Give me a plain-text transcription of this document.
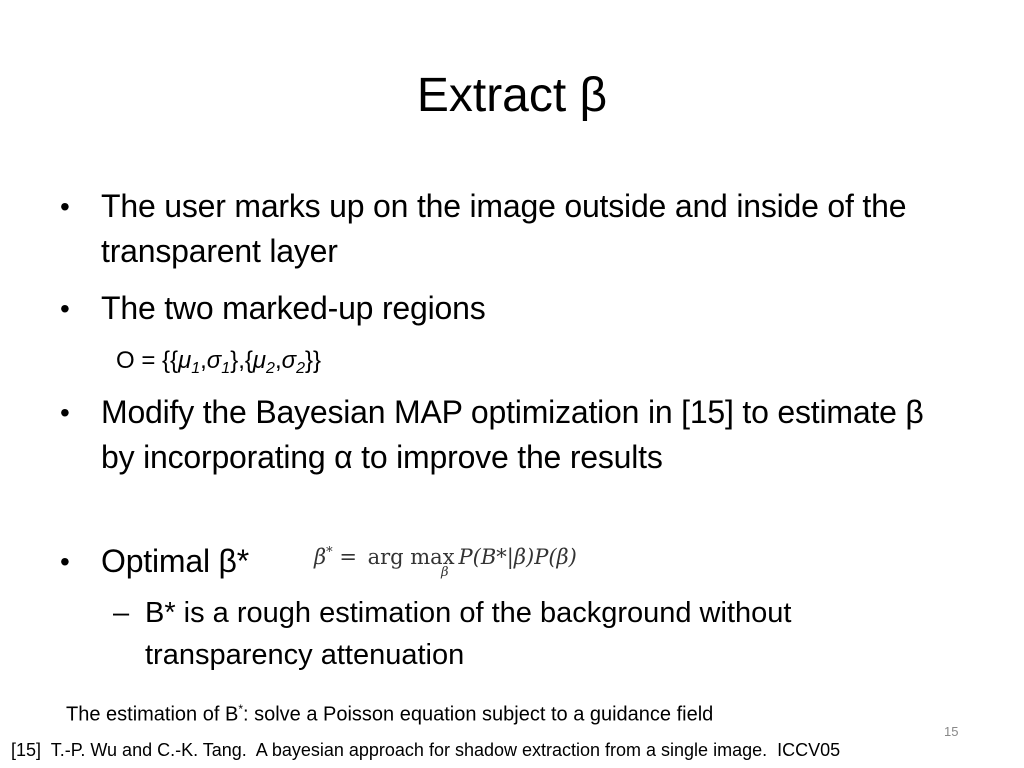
Extract β
• The user marks up on the image outside and inside of the transparent layer
• The two marked-up regions
$O = \{\{\mu_1,\sigma_1\},\{\mu_2,\sigma_2\}\}$
• Modify the Bayesian MAP optimization in [15] to estimate β by incorporating α to improve the results
• Optimal β*	β* = arg max
β
P(B*|β)P(β)
– B* is a rough estimation of the background without transparency attenuation
The estimation of B*: solve a Poisson equation subject to a guidance field
15
[15]  T.-P. Wu and C.-K. Tang.  A bayesian approach for shadow extraction from a single image.  ICCV05
